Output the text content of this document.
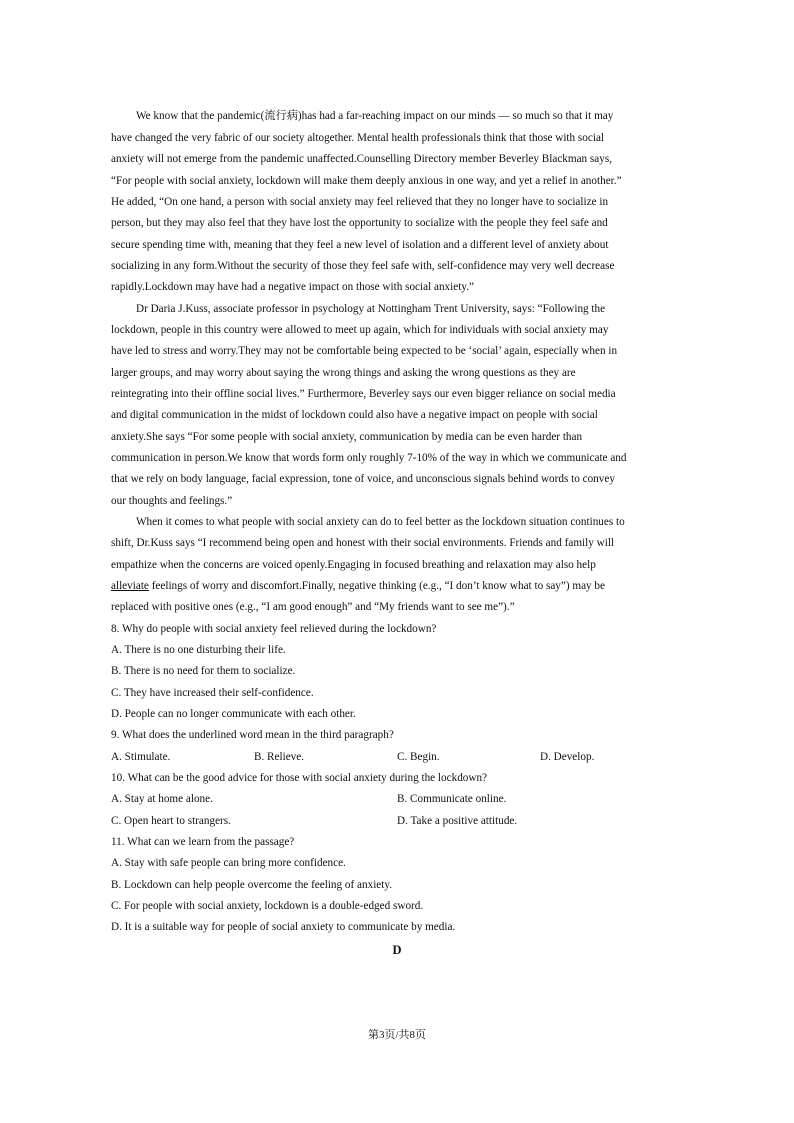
We know that the pandemic(流行病)has had a far-reaching impact on our minds — so much so that it may
have changed the very fabric of our society altogether. Mental health professionals think that those with social
anxiety will not emerge from the pandemic unaffected.Counselling Directory member Beverley Blackman says,
“For people with social anxiety, lockdown will make them deeply anxious in one way, and yet a relief in another.”
He added, “On one hand, a person with social anxiety may feel relieved that they no longer have to socialize in
person, but they may also feel that they have lost the opportunity to socialize with the people they feel safe and
secure spending time with, meaning that they feel a new level of isolation and a different level of anxiety about
socializing in any form.Without the security of those they feel safe with, self-confidence may very well decrease
rapidly.Lockdown may have had a negative impact on those with social anxiety.”
Dr Daria J.Kuss, associate professor in psychology at Nottingham Trent University, says: “Following the
lockdown, people in this country were allowed to meet up again, which for individuals with social anxiety may
have led to stress and worry.They may not be comfortable being expected to be ‘social’ again, especially when in
larger groups, and may worry about saying the wrong things and asking the wrong questions as they are
reintegrating into their offline social lives.” Furthermore, Beverley says our even bigger reliance on social media
and digital communication in the midst of lockdown could also have a negative impact on people with social
anxiety.She says “For some people with social anxiety, communication by media can be even harder than
communication in person.We know that words form only roughly 7-10% of the way in which we communicate and
that we rely on body language, facial expression, tone of voice, and unconscious signals behind words to convey
our thoughts and feelings.”
When it comes to what people with social anxiety can do to feel better as the lockdown situation continues to
shift, Dr.Kuss says “I recommend being open and honest with their social environments. Friends and family will
empathize when the concerns are voiced openly.Engaging in focused breathing and relaxation may also help
alleviate feelings of worry and discomfort.Finally, negative thinking (e.g., “I don’t know what to say”) may be
replaced with positive ones (e.g., “I am good enough” and “My friends want to see me”).”
8. Why do people with social anxiety feel relieved during the lockdown?
A. There is no one disturbing their life.
B. There is no need for them to socialize.
C. They have increased their self-confidence.
D. People can no longer communicate with each other.
9. What does the underlined word mean in the third paragraph?
A. Stimulate.	B. Relieve.	C. Begin.	D. Develop.
10. What can be the good advice for those with social anxiety during the lockdown?
A. Stay at home alone.	B. Communicate online.
C. Open heart to strangers.	D. Take a positive attitude.
11. What can we learn from the passage?
A. Stay with safe people can bring more confidence.
B. Lockdown can help people overcome the feeling of anxiety.
C. For people with social anxiety, lockdown is a double-edged sword.
D. It is a suitable way for people of social anxiety to communicate by media.
D
第3页/共8页
